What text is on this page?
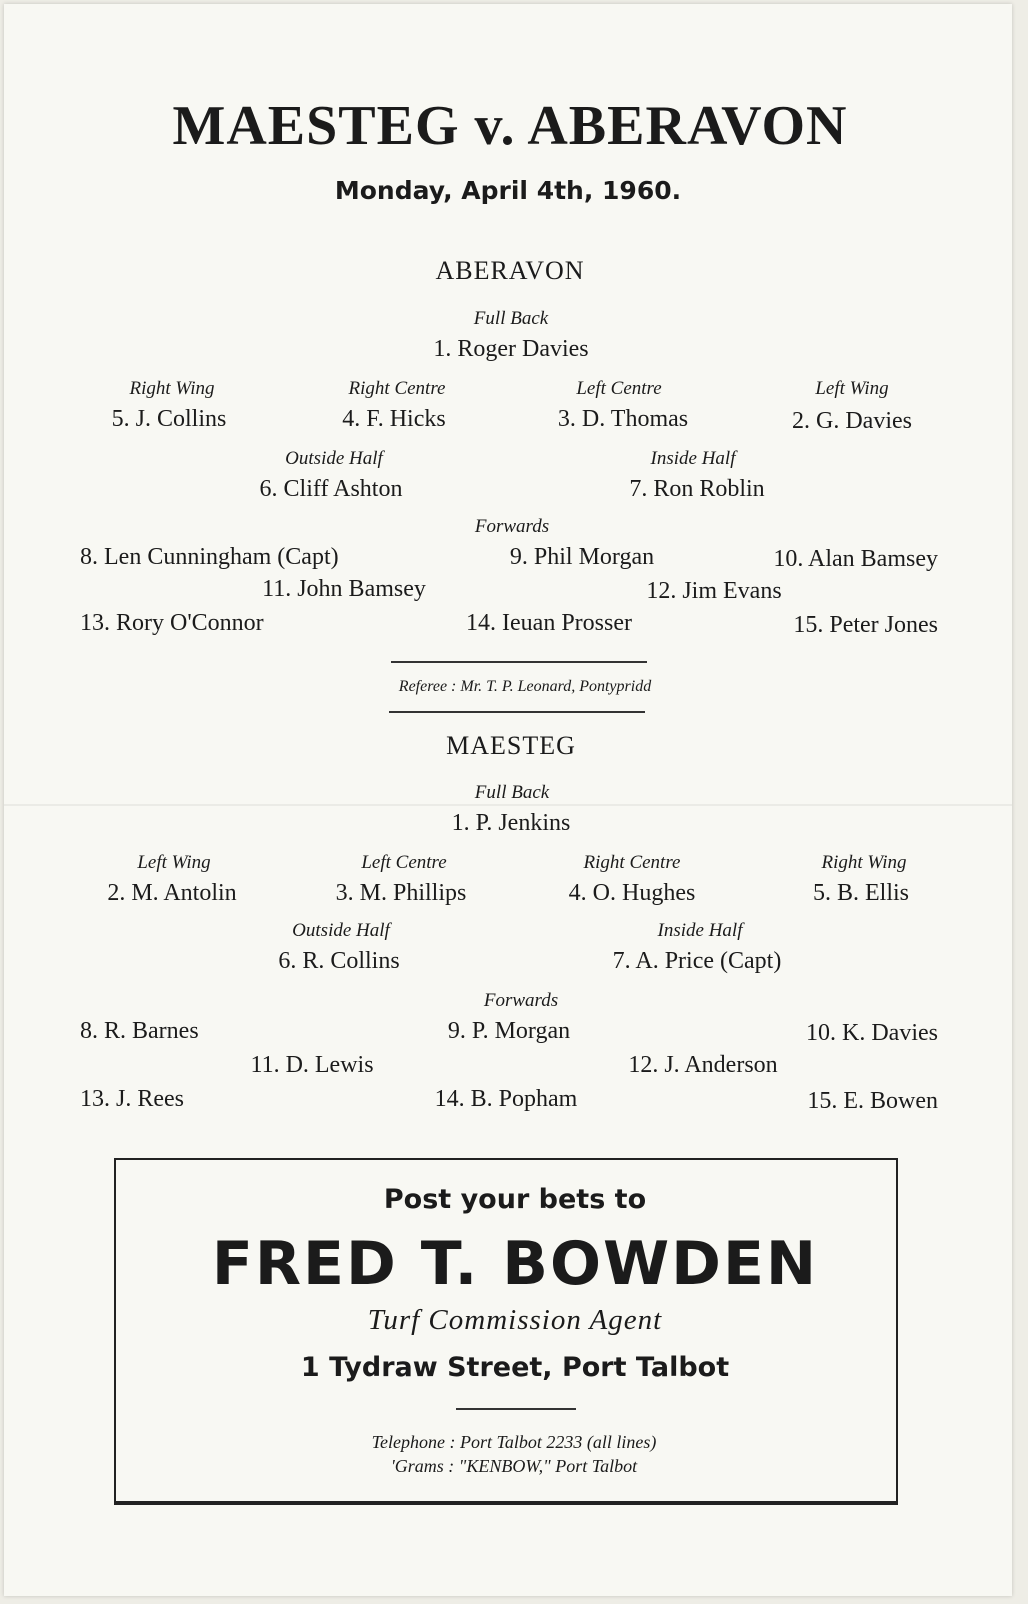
MAESTEG v. ABERAVON
Monday, April 4th, 1960.
ABERAVON
Full Back
1. Roger Davies
Right Wing
5. J. Collins
Right Centre
4. F. Hicks
Left Centre
3. D. Thomas
Left Wing
2. G. Davies
Outside Half
6. Cliff Ashton
Inside Half
7. Ron Roblin
Forwards
8. Len Cunningham (Capt)	9. Phil Morgan	10. Alan Bamsey
11. John Bamsey	12. Jim Evans
13. Rory O'Connor	14. Ieuan Prosser	15. Peter Jones
Referee : Mr. T. P. Leonard, Pontypridd
MAESTEG
Full Back
1. P. Jenkins
Left Wing
2. M. Antolin
Left Centre
3. M. Phillips
Right Centre
4. O. Hughes
Right Wing
5. B. Ellis
Outside Half
6. R. Collins
Inside Half
7. A. Price (Capt)
Forwards
8. R. Barnes	9. P. Morgan	10. K. Davies
11. D. Lewis	12. J. Anderson
13. J. Rees	14. B. Popham	15. E. Bowen
Post your bets to
FRED T. BOWDEN
Turf Commission Agent
1 Tydraw Street, Port Talbot
Telephone : Port Talbot 2233 (all lines)
'Grams : "KENBOW," Port Talbot
